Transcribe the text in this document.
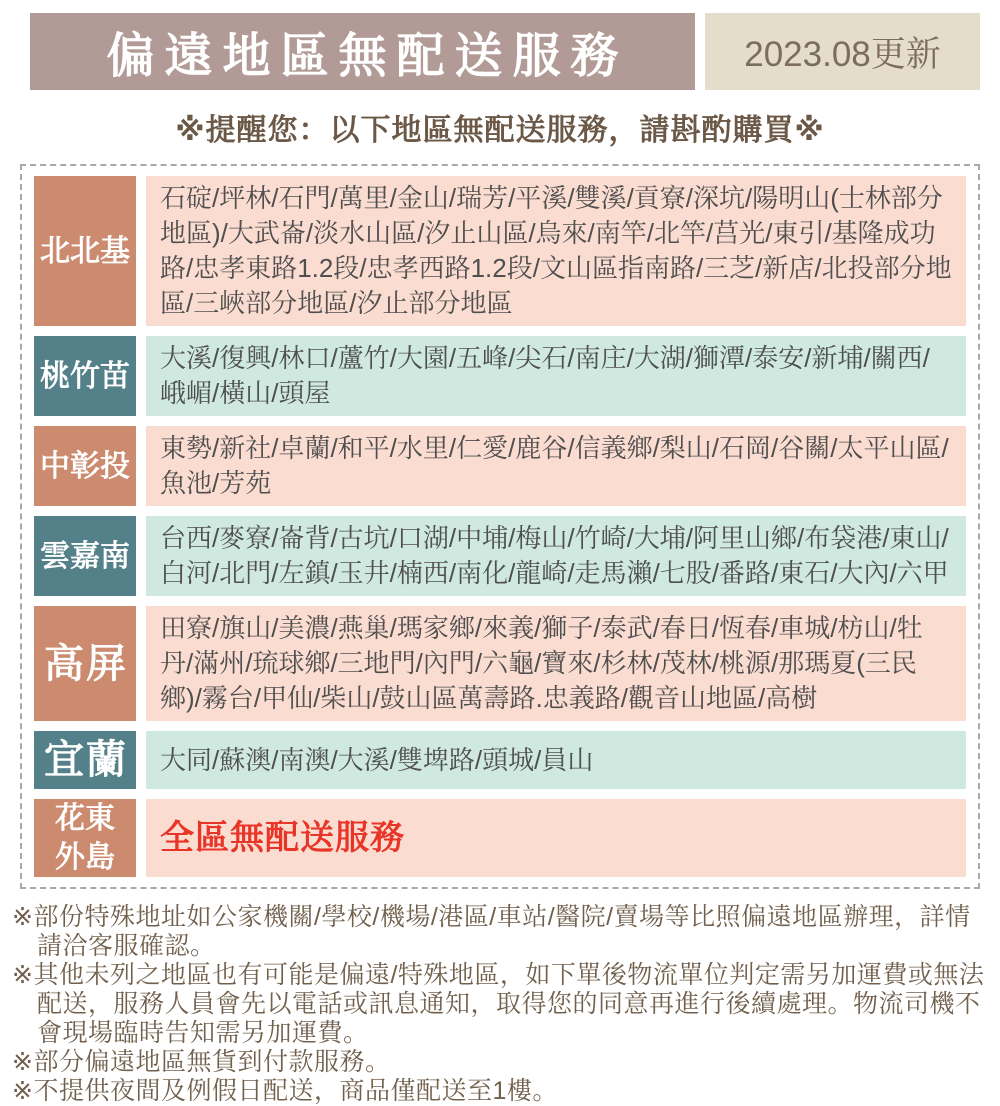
偏遠地區無配送服務	2023.08更新
※提醒您：以下地區無配送服務，請斟酌購買※
北北基
石碇/坪林/石門/萬里/金山/瑞芳/平溪/雙溪/貢寮/深坑/陽明山(士林部分地區)/大武崙/淡水山區/汐止山區/烏來/南竿/北竿/莒光/東引/基隆成功路/忠孝東路1.2段/忠孝西路1.2段/文山區指南路/三芝/新店/北投部分地區/三峽部分地區/汐止部分地區
桃竹苗
大溪/復興/林口/蘆竹/大園/五峰/尖石/南庄/大湖/獅潭/泰安/新埔/關西/峨嵋/橫山/頭屋
中彰投
東勢/新社/卓蘭/和平/水里/仁愛/鹿谷/信義鄉/梨山/石岡/谷關/太平山區/魚池/芳苑
雲嘉南
台西/麥寮/崙背/古坑/口湖/中埔/梅山/竹崎/大埔/阿里山鄉/布袋港/東山/白河/北門/左鎮/玉井/楠西/南化/龍崎/走馬瀨/七股/番路/東石/大內/六甲
高屏
田寮/旗山/美濃/燕巢/瑪家鄉/來義/獅子/泰武/春日/恆春/車城/枋山/牡丹/滿州/琉球鄉/三地門/內門/六龜/寶來/杉林/茂林/桃源/那瑪夏(三民鄉)/霧台/甲仙/柴山/鼓山區萬壽路.忠義路/觀音山地區/高樹
宜蘭	大同/蘇澳/南澳/大溪/雙埤路/頭城/員山
花東
外島
全區無配送服務
※部份特殊地址如公家機關/學校/機場/港區/車站/醫院/賣場等比照偏遠地區辦理，詳情請洽客服確認。
※其他未列之地區也有可能是偏遠/特殊地區，如下單後物流單位判定需另加運費或無法配送，服務人員會先以電話或訊息通知，取得您的同意再進行後續處理。物流司機不會現場臨時告知需另加運費。
※部分偏遠地區無貨到付款服務。
※不提供夜間及例假日配送，商品僅配送至1樓。
